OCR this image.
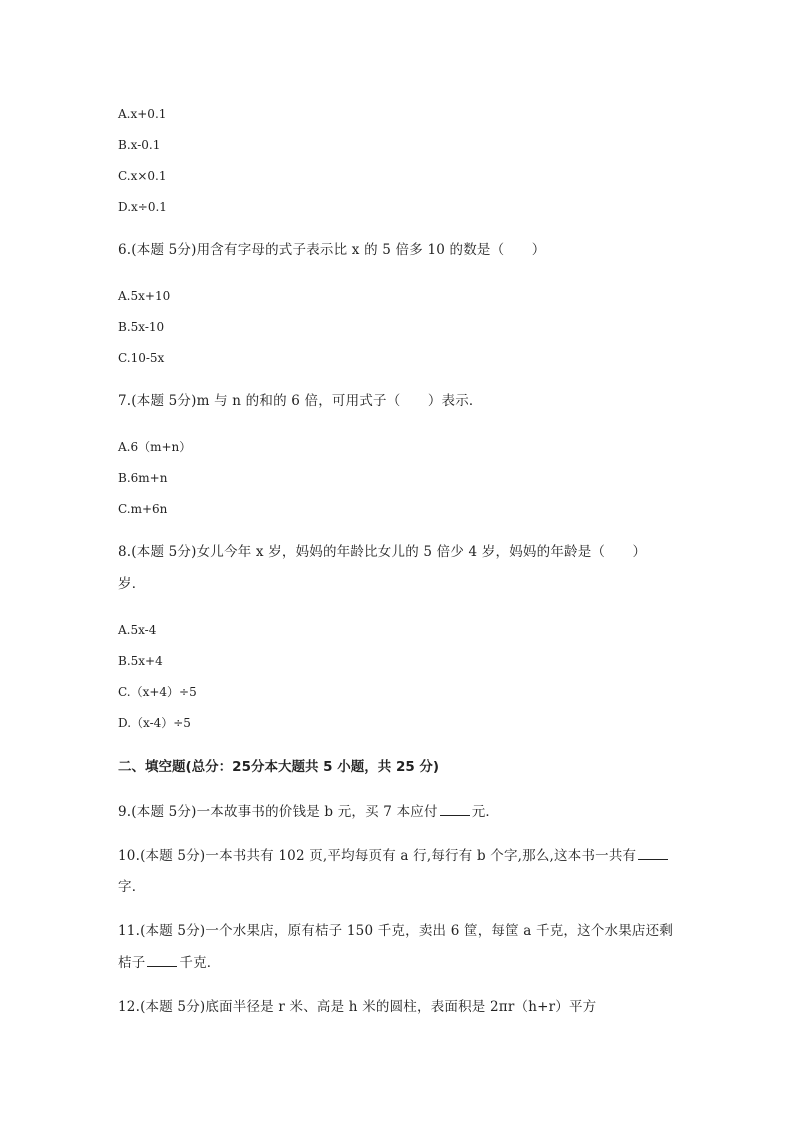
A.x+0.1
B.x-0.1
C.x×0.1
D.x÷0.1
6.(本题 5分)用含有字母的式子表示比 x 的 5 倍多 10 的数是（　　）
A.5x+10
B.5x-10
C.10-5x
7.(本题 5分)m 与 n 的和的 6 倍，可用式子（　　）表示．
A.6（m+n）
B.6m+n
C.m+6n
8.(本题 5分)女儿今年 x 岁，妈妈的年龄比女儿的 5 倍少 4 岁，妈妈的年龄是（　　）
岁．
A.5x-4
B.5x+4
C.（x+4）÷5
D.（x-4）÷5
二、填空题(总分：25分本大题共 5 小题，共 25 分)
9.(本题 5分)一本故事书的价钱是 b 元，买 7 本应付	元．
10.(本题 5分)一本书共有 102 页,平均每页有 a 行,每行有 b 个字,那么,这本书一共有
字．
11.(本题 5分)一个水果店，原有桔子 150 千克，卖出 6 筐，每筐 a 千克，这个水果店还剩
桔子	千克．
12.(本题 5分)底面半径是 r 米、高是 h 米的圆柱，表面积是 2πr（h+r）平方
